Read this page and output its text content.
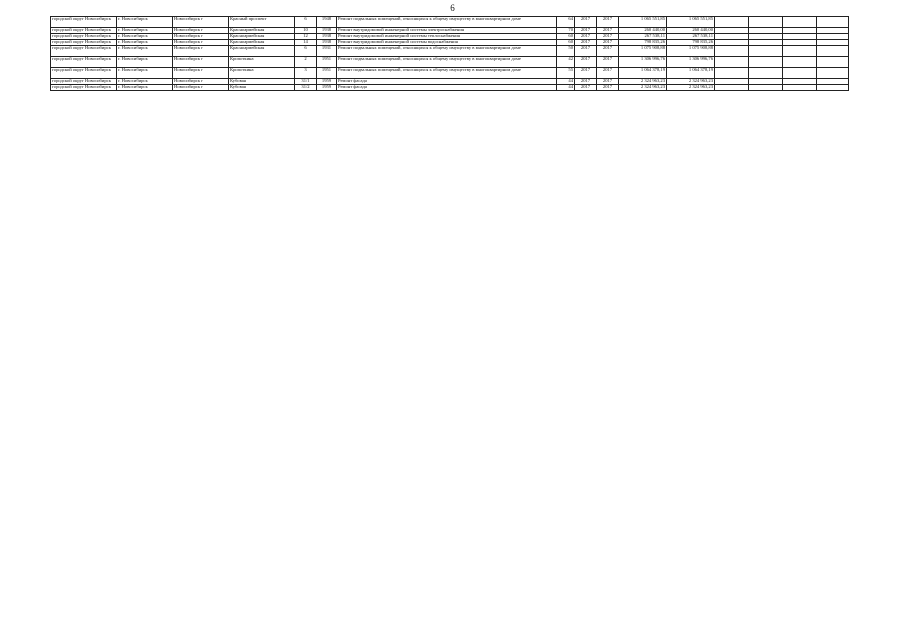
6
городской округ Новосибирск	г. Новосибирск	Новосибирск г	Красный проспект	6	1948	Ремонт подвальных помещений, относящихся к общему имуществу в многоквартирном доме	64	2017	2017	1 065 551,85	1 065 551,85				
городской округ Новосибирск	г. Новосибирск	Новосибирск г	Красноармейская	10	1938	Ремонт внутридомовой инженерной системы электроснабжения	70	2017	2017	260 440,00	260 440,00				
городской округ Новосибирск	г. Новосибирск	Новосибирск г	Красноармейская	12	1938	Ремонт внутридомовой инженерной системы теплоснабжения	60	2017	2017	267 538,11	267 538,11				
городской округ Новосибирск	г. Новосибирск	Новосибирск г	Красноармейская	14	1938	Ремонт внутридомовой инженерной системы водоснабжения	60	2017	2017	798 835,26	798 835,26				
городской округ Новосибирск	г. Новосибирск	Новосибирск г	Красноармейская	6	1931	Ремонт подвальных помещений, относящихся к общему имуществу в многоквартирном доме	50	2017	2017	1 075 908,88	1 075 908,88				
городской округ Новосибирск	г. Новосибирск	Новосибирск г	Кропоткина	2	1951	Ремонт подвальных помещений, относящихся к общему имуществу в многоквартирном доме	42	2017	2017	1 306 996,76	1 306 996,76				
городской округ Новосибирск	г. Новосибирск	Новосибирск г	Кропоткина	3	1951	Ремонт подвальных помещений, относящихся к общему имуществу в многоквартирном доме	55	2017	2017	1 064 378,19	1 064 378,19				
городской округ Новосибирск	г. Новосибирск	Новосибирск г	Кубовая	31/1	1959	Ремонт фасада	44	2017	2017	2 324 963,23	2 324 963,23				
городской округ Новосибирск	г. Новосибирск	Новосибирск г	Кубовая	31/2	1959	Ремонт фасада	44	2017	2017	2 324 963,23	2 324 963,23				
